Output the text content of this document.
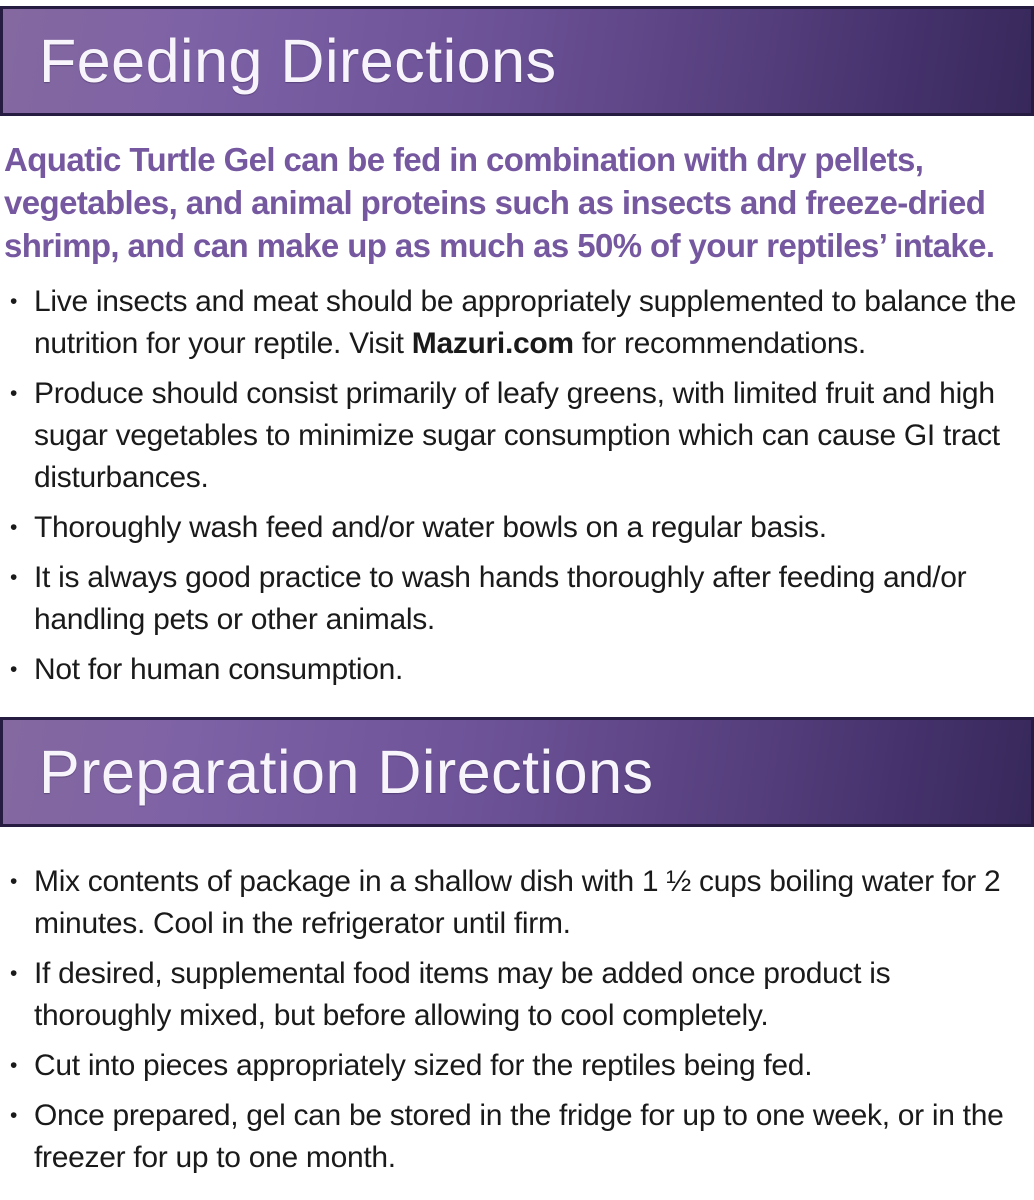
Feeding Directions

Aquatic Turtle Gel can be fed in combination with dry pellets, vegetables, and animal proteins such as insects and freeze-dried shrimp, and can make up as much as 50% of your reptiles’ intake.

• Live insects and meat should be appropriately supplemented to balance the nutrition for your reptile. Visit Mazuri.com for recommendations.
• Produce should consist primarily of leafy greens, with limited fruit and high sugar vegetables to minimize sugar consumption which can cause GI tract disturbances.
• Thoroughly wash feed and/or water bowls on a regular basis.
• It is always good practice to wash hands thoroughly after feeding and/or handling pets or other animals.
• Not for human consumption.
Preparation Directions
• Mix contents of package in a shallow dish with 1 ½ cups boiling water for 2 minutes. Cool in the refrigerator until firm.
• If desired, supplemental food items may be added once product is thoroughly mixed, but before allowing to cool completely.
• Cut into pieces appropriately sized for the reptiles being fed.
• Once prepared, gel can be stored in the fridge for up to one week, or in the freezer for up to one month.
